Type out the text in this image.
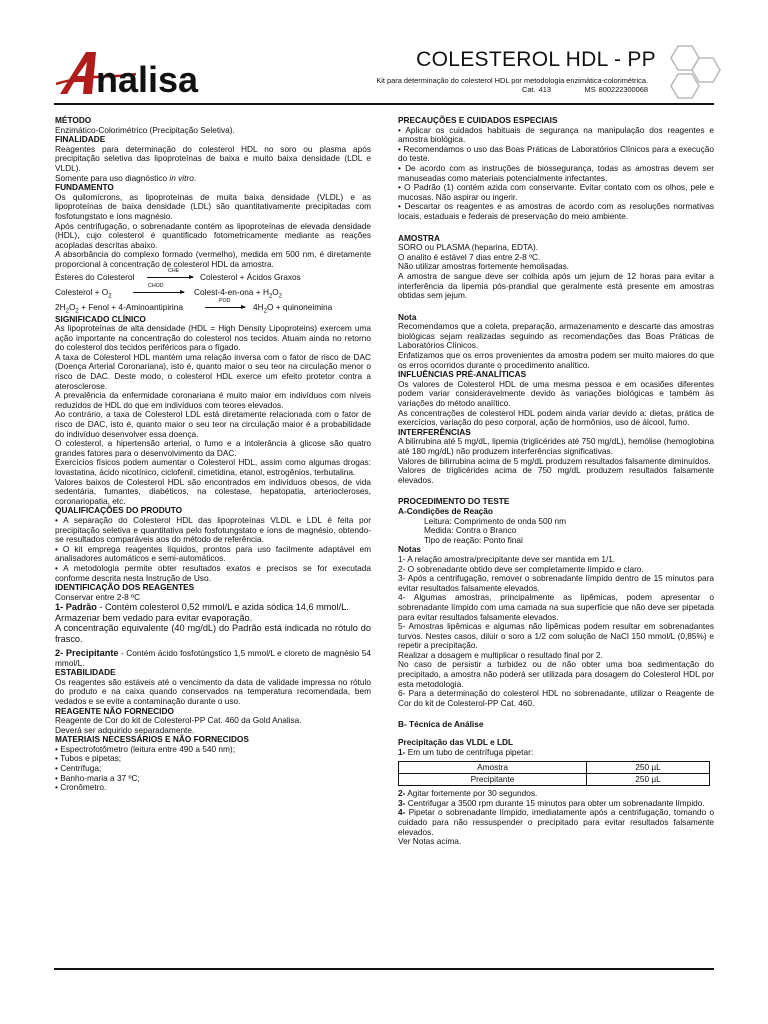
nalisa	COLESTEROL HDL - PP
Kit para determinação do colesterol HDL por metodologia enzimática-colorimétrica.
Cat. 413	MS 800222300068

MÉTODO

Enzimático-Colorimétrico (Precipitação Seletiva).

FINALIDADE

Reagentes para determinação do colesterol HDL no soro ou plasma após precipitação seletiva das lipoproteínas de baixa e muito baixa densidade (LDL e VLDL).

Somente para uso diagnóstico in vitro.

FUNDAMENTO

Os quilomícrons, as lipoproteínas de muita baixa densidade (VLDL) e as lipoproteínas de baixa densidade (LDL) são quantitativamente precipitadas com fosfotungstato e íons magnésio.

Após centrifugação, o sobrenadante contém as lipoproteínas de elevada densidade (HDL), cujo colesterol é quantificado fotometricamente mediante as reações acopladas descritas abaixo.

A absorbância do complexo formado (vermelho), medida em 500 nm, é diretamente proporcional à concentração de colesterol HDL da amostra.

Ésteres do Colesterol
CHE
Colesterol + Ácidos Graxos
Colesterol + $O_2$
CHOD
Colest-4-en-ona + $H_2O_2$
$2H_2O_2$ + Fenol + 4-Aminoantipirina
POD
$4H_2O$ + quinoneimina

SIGNIFICADO CLÍNICO

As lipoproteínas de alta densidade (HDL = High Density Lipoproteins) exercem uma ação importante na concentração do colesterol nos tecidos. Atuam ainda no retorno do colesterol dos tecidos periféricos para o fígado.

A taxa de Colesterol HDL mantém uma relação inversa com o fator de risco de DAC (Doença Arterial Coronariana), isto é, quanto maior o seu teor na circulação menor o risco de DAC. Deste modo, o colesterol HDL exerce um efeito protetor contra a aterosclerose.

A prevalência da enfermidade coronariana é muito maior em indivíduos com níveis reduzidos de HDL do que em indivíduos com teores elevados.

Ao contrário, a taxa de Colesterol LDL está diretamente relacionada com o fator de risco de DAC, isto é, quanto maior o seu teor na circulação maior é a probabilidade do indivíduo desenvolver essa doença.

O colesterol, a hipertensão arterial, o fumo e a intolerância à glicose são quatro grandes fatores para o desenvolvimento da DAC.

Exercícios físicos podem aumentar o Colesterol HDL, assim como algumas drogas: lovastatina, ácido nicotínico, ciclofenil, cimetidina, etanol, estrogênios, terbutalina.

Valores baixos de Colesterol HDL são encontrados em indivíduos obesos, de vida sedentária, fumantes, diabéticos, na colestase, hepatopatia, arteriocleroses, coronariopatia, etc.

QUALIFICAÇÕES DO PRODUTO

• A separação do Colesterol HDL das lipoproteínas VLDL e LDL é feita por precipitação seletiva e quantitativa pelo fosfotungstato e íons de magnésio, obtendo-se resultados comparáveis aos do método de referência.

• O kit emprega reagentes líquidos, prontos para uso facilmente adaptável em analisadores automáticos e semi-automáticos.

• A metodologia permite obter resultados exatos e precisos se for executada conforme descrita nesta Instrução de Uso.

IDENTIFICAÇÃO DOS REAGENTES

Conservar entre 2-8 ºC

1- Padrão - Contém colesterol 0,52 mmol/L e azida sódica 14,6 mmol/L.

Armazenar bem vedado para evitar evaporação.

A concentração equivalente (40 mg/dL) do Padrão está indicada no rótulo do frasco.

2- Precipitante - Contém ácido fosfotúngstico 1,5 mmol/L e cloreto de magnésio 54 mmol/L.

ESTABILIDADE

Os reagentes são estáveis até o vencimento da data de validade impressa no rótulo do produto e na caixa quando conservados na temperatura recomendada, bem vedados e se evite a contaminação durante o uso.

REAGENTE NÃO FORNECIDO

Reagente de Cor do kit de Colesterol-PP Cat. 460 da Gold Analisa.

Deverá ser adquirido separadamente.

MATERIAIS NECESSÁRIOS E NÃO FORNECIDOS

• Espectrofotômetro (leitura entre 490 a 540 nm);

• Tubos e pipetas;

• Centrífuga;

• Banho-maria a 37 ºC;

• Cronômetro.

PRECAUÇÕES E CUIDADOS ESPECIAIS

• Aplicar os cuidados habituais de segurança na manipulação dos reagentes e amostra biológica.

• Recomendamos o uso das Boas Práticas de Laboratórios Clínicos para a execução do teste.

• De acordo com as instruções de biossegurança, todas as amostras devem ser manuseadas como materiais potencialmente infectantes.

• O Padrão (1) contém azida com conservante. Evitar contato com os olhos, pele e mucosas. Não aspirar ou ingerir.

• Descartar os reagentes e as amostras de acordo com as resoluções normativas locais, estaduais e federais de preservação do meio ambiente.

AMOSTRA

SORO ou PLASMA (heparina, EDTA).

O analito é estável 7 dias entre 2-8 ºC.

Não utilizar amostras fortemente hemolisadas.

A amostra de sangue deve ser colhida após um jejum de 12 horas para evitar a interferência da lipemia pós-prandial que geralmente está presente em amostras obtidas sem jejum.

Nota

Recomendamos que a coleta, preparação, armazenamento e descarte das amostras biológicas sejam realizadas seguindo as recomendações das Boas Práticas de Laboratórios Clínicos.

Enfatizamos que os erros provenientes da amostra podem ser muito maiores do que os erros ocorridos durante o procedimento analítico.

INFLUÊNCIAS PRÉ-ANALÍTICAS

Os valores de Colesterol HDL de uma mesma pessoa e em ocasiões diferentes podem variar consideravelmente devido às variações biológicas e também às variações do método analítico.

As concentrações de colesterol HDL podem ainda variar devido a: dietas, prática de exercícios, variação do peso corporal, ação de hormônios, uso de álcool, fumo.

INTERFERÊNCIAS

A bilirrubina até 5 mg/dL, lipemia (triglicérides até 750 mg/dL), hemólise (hemoglobina até 180 mg/dL) não produzem interferências significativas.

Valores de bilirrubina acima de 5 mg/dL produzem resultados falsamente diminuídos.

Valores de triglicérides acima de 750 mg/dL produzem resultados falsamente elevados.

PROCEDIMENTO DO TESTE

A-Condições de Reação

Leitura: Comprimento de onda 500 nm

Medida: Contra o Branco

Tipo de reação: Ponto final

Notas

1- A relação amostra/precipitante deve ser mantida em 1/1.

2- O sobrenadante obtido deve ser completamente límpido e claro.

3- Após a centrifugação, remover o sobrenadante límpido dentro de 15 minutos para evitar resultados falsamente elevados.

4- Algumas amostras, principalmente as lipêmicas, podem apresentar o sobrenadante límpido com uma camada na sua superfície que não deve ser pipetada para evitar resultados falsamente elevados.

5- Amostras lipêmicas e algumas não lipêmicas podem resultar em sobrenadantes turvos. Nestes casos, diluir o soro a 1/2 com solução de NaCl 150 mmol/L (0,85%) e repetir a precipitação.

Realizar a dosagem e multiplicar o resultado final por 2.

No caso de persistir a turbidez ou de não obter uma boa sedimentação do precipitado, a amostra não poderá ser utilizada para dosagem do Colesterol HDL por esta metodologia.

6- Para a determinação do colesterol HDL no sobrenadante, utilizar o Reagente de Cor do kit de Colesterol-PP Cat. 460.

B- Técnica de Análise

Precipitação das VLDL e LDL

1- Em um tubo de centrífuga pipetar:

Amostra	250 µL
Precipitante	250 µL

2- Agitar fortemente por 30 segundos.

3- Centrifugar a 3500 rpm durante 15 minutos para obter um sobrenadante límpido.

4- Pipetar o sobrenadante límpido, imediatamente após a centrifugação, tomando o cuidado para não ressuspender o precipitado para evitar resultados falsamente elevados.

Ver Notas acima.
